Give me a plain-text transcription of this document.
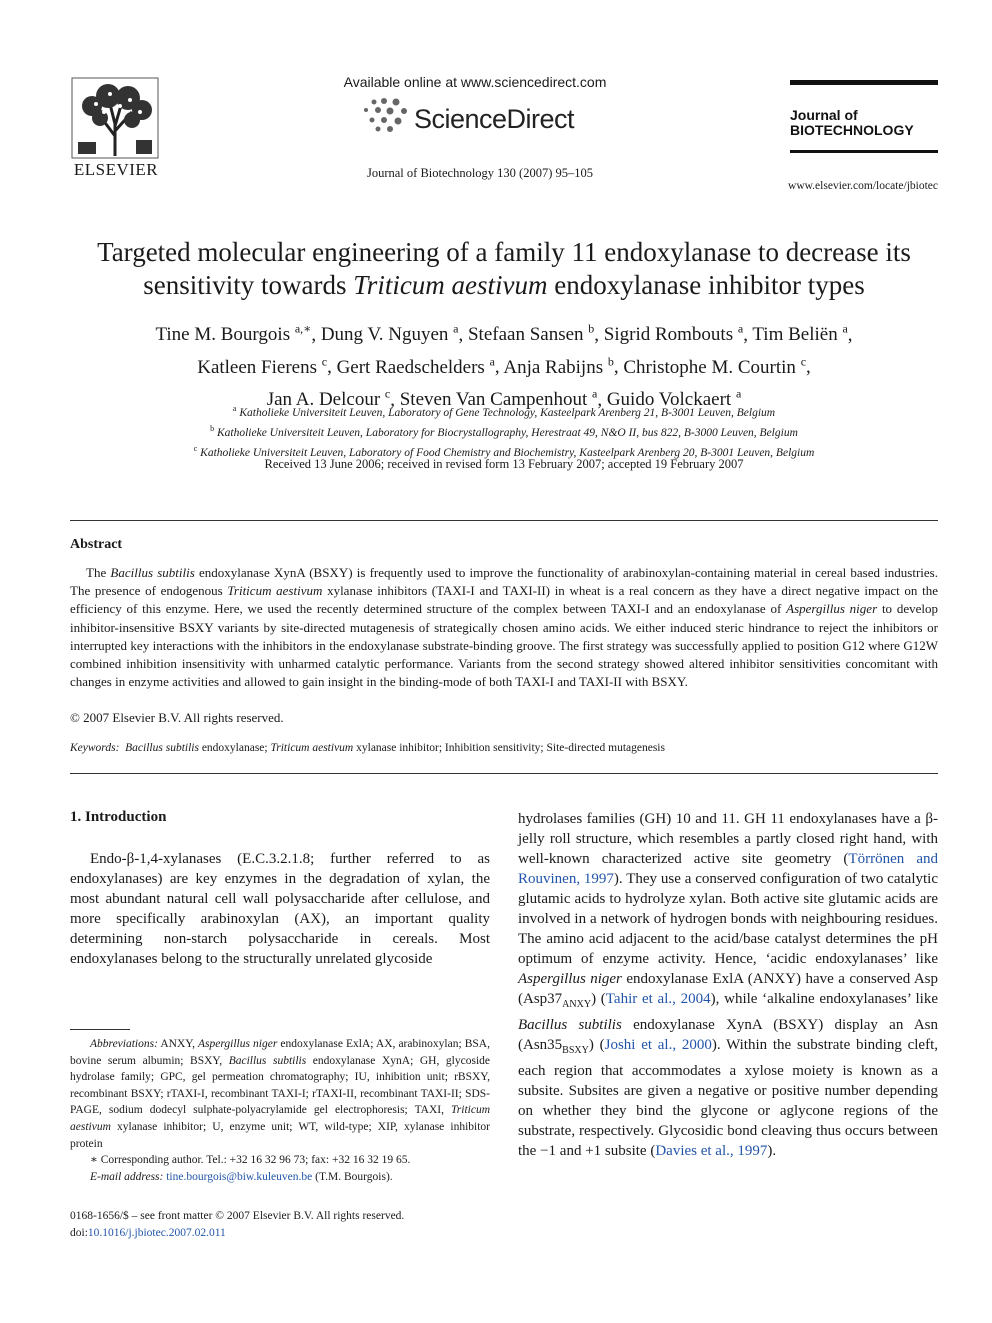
ELSEVIER
Available online at www.sciencedirect.com
ScienceDirect
Journal of Biotechnology 130 (2007) 95–105
Journal of
BIOTECHNOLOGY
www.elsevier.com/locate/jbiotec
Targeted molecular engineering of a family 11 endoxylanase to decrease its sensitivity towards Triticum aestivum endoxylanase inhibitor types
Tine M. Bourgois $^{a,∗}$, Dung V. Nguyen $^a$, Stefaan Sansen $^b$, Sigrid Rombouts $^a$, Tim Beliën $^a$,
Katleen Fierens $^c$, Gert Raedschelders $^a$, Anja Rabijns $^b$, Christophe M. Courtin $^c$,
Jan A. Delcour $^c$, Steven Van Campenhout $^a$, Guido Volckaert $^a$
$^a$ Katholieke Universiteit Leuven, Laboratory of Gene Technology, Kasteelpark Arenberg 21, B-3001 Leuven, Belgium
$^b$ Katholieke Universiteit Leuven, Laboratory for Biocrystallography, Herestraat 49, N&O II, bus 822, B-3000 Leuven, Belgium
$^c$ Katholieke Universiteit Leuven, Laboratory of Food Chemistry and Biochemistry, Kasteelpark Arenberg 20, B-3001 Leuven, Belgium
Received 13 June 2006; received in revised form 13 February 2007; accepted 19 February 2007
Abstract

The Bacillus subtilis endoxylanase XynA (BSXY) is frequently used to improve the functionality of arabinoxylan-containing material in cereal based industries. The presence of endogenous Triticum aestivum xylanase inhibitors (TAXI-I and TAXI-II) in wheat is a real concern as they have a direct negative impact on the efficiency of this enzyme. Here, we used the recently determined structure of the complex between TAXI-I and an endoxylanase of Aspergillus niger to develop inhibitor-insensitive BSXY variants by site-directed mutagenesis of strategically chosen amino acids. We either induced steric hindrance to reject the inhibitors or interrupted key interactions with the inhibitors in the endoxylanase substrate-binding groove. The first strategy was successfully applied to position G12 where G12W combined inhibition insensitivity with unharmed catalytic performance. Variants from the second strategy showed altered inhibitor sensitivities concomitant with changes in enzyme activities and allowed to gain insight in the binding-mode of both TAXI-I and TAXI-II with BSXY.

© 2007 Elsevier B.V. All rights reserved.
Keywords: Bacillus subtilis endoxylanase; Triticum aestivum xylanase inhibitor; Inhibition sensitivity; Site-directed mutagenesis
1. Introduction

Endo-β-1,4-xylanases (E.C.3.2.1.8; further referred to as endoxylanases) are key enzymes in the degradation of xylan, the most abundant natural cell wall polysaccharide after cellulose, and more specifically arabinoxylan (AX), an important quality determining non-starch polysaccharide in cereals. Most endoxylanases belong to the structurally unrelated glycoside

hydrolases families (GH) 10 and 11. GH 11 endoxylanases have a β-jelly roll structure, which resembles a partly closed right hand, with well-known characterized active site geometry (Törrönen and Rouvinen, 1997). They use a conserved configuration of two catalytic glutamic acids to hydrolyze xylan. Both active site glutamic acids are involved in a network of hydrogen bonds with neighbouring residues. The amino acid adjacent to the acid/base catalyst determines the pH optimum of enzyme activity. Hence, ‘acidic endoxylanases’ like Aspergillus niger endoxylanase ExlA (ANXY) have a conserved Asp $(Asp37_{ANXY})$ (Tahir et al., 2004), while ‘alkaline endoxylanases’ like Bacillus subtilis endoxylanase XynA (BSXY) display an Asn $(Asn35_{BSXY})$ (Joshi et al., 2000). Within the substrate binding cleft, each region that accommodates a xylose moiety is known as a subsite. Subsites are given a negative or positive number depending on whether they bind the glycone or aglycone regions of the substrate, respectively. Glycosidic bond cleaving thus occurs between the −1 and +1 subsite (Davies et al., 1997).

Abbreviations: ANXY, Aspergillus niger endoxylanase ExlA; AX, arabinoxylan; BSA, bovine serum albumin; BSXY, Bacillus subtilis endoxylanase XynA; GH, glycoside hydrolase family; GPC, gel permeation chromatography; IU, inhibition unit; rBSXY, recombinant BSXY; rTAXI-I, recombinant TAXI-I; rTAXI-II, recombinant TAXI-II; SDS-PAGE, sodium dodecyl sulphate-polyacrylamide gel electrophoresis; TAXI, Triticum aestivum xylanase inhibitor; U, enzyme unit; WT, wild-type; XIP, xylanase inhibitor protein

∗ Corresponding author. Tel.: +32 16 32 96 73; fax: +32 16 32 19 65.

E-mail address: tine.bourgois@biw.kuleuven.be (T.M. Bourgois).

0168-1656/$ – see front matter © 2007 Elsevier B.V. All rights reserved.
doi:10.1016/j.jbiotec.2007.02.011
